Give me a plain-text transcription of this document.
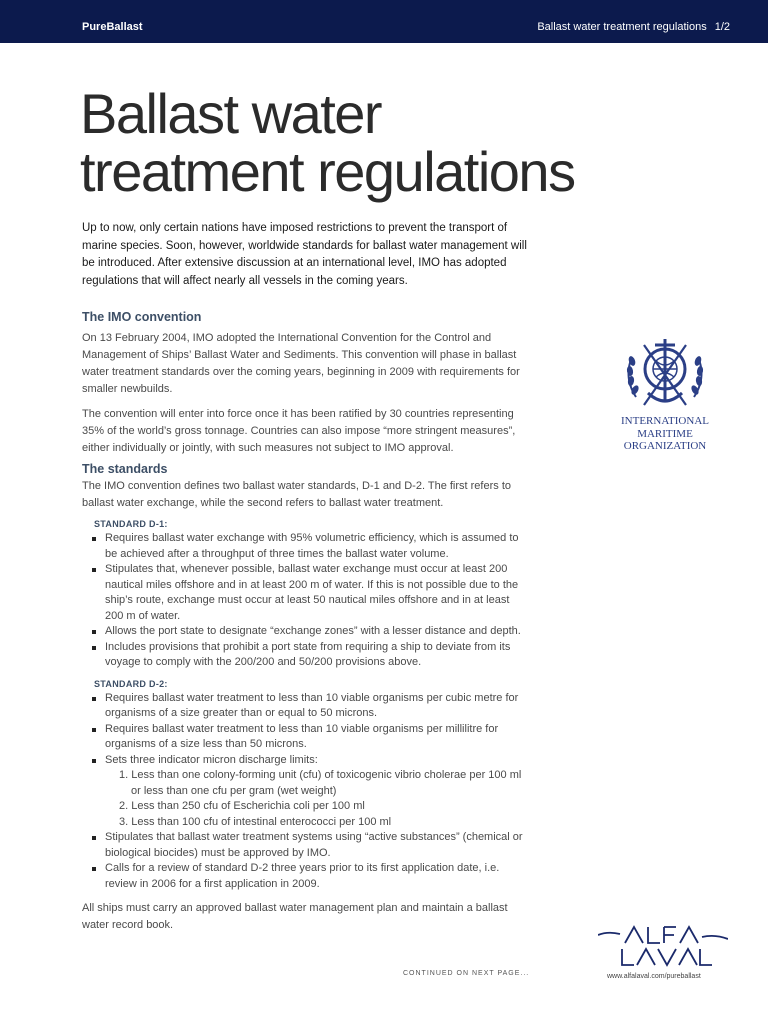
PureBallast	Ballast water treatment regulations 1/2
Ballast water
treatment regulations

Up to now, only certain nations have imposed restrictions to prevent the transport of marine species. Soon, however, worldwide standards for ballast water management will be introduced. After extensive discussion at an international level, IMO has adopted regulations that will affect nearly all vessels in the coming years.

The IMO convention

On 13 February 2004, IMO adopted the International Convention for the Control and Management of Ships’ Ballast Water and Sediments. This convention will phase in ballast water treatment standards over the coming years, beginning in 2009 with requirements for smaller newbuilds.

The convention will enter into force once it has been ratified by 30 countries representing 35% of the world’s gross tonnage. Countries can also impose “more stringent measures”, either individually or jointly, with such measures not subject to IMO approval.

The standards

The IMO convention defines two ballast water standards, D-1 and D-2. The first refers to ballast water exchange, while the second refers to ballast water treatment.

STANDARD D-1:

Requires ballast water exchange with 95% volumetric efficiency, which is assumed to be achieved after a throughput of three times the ballast water volume.
Stipulates that, whenever possible, ballast water exchange must occur at least 200 nautical miles offshore and in at least 200 m of water. If this is not possible due to the ship’s route, exchange must occur at least 50 nautical miles offshore and in at least 200 m of water.
Allows the port state to designate “exchange zones” with a lesser distance and depth.
Includes provisions that prohibit a port state from requiring a ship to deviate from its voyage to comply with the 200/200 and 50/200 provisions above.

STANDARD D-2:

Requires ballast water treatment to less than 10 viable organisms per cubic metre for organisms of a size greater than or equal to 50 microns.
Requires ballast water treatment to less than 10 viable organisms per millilitre for organisms of a size less than 50 microns.
Sets three indicator micron discharge limits:
1. Less than one colony-forming unit (cfu) of toxicogenic vibrio cholerae per 100 ml or less than one cfu per gram (wet weight)
2. Less than 250 cfu of Escherichia coli per 100 ml
3. Less than 100 cfu of intestinal enterococci per 100 ml
Stipulates that ballast water treatment systems using “active substances” (chemical or biological biocides) must be approved by IMO.
Calls for a review of standard D-2 three years prior to its first application date, i.e. review in 2006 for a first application in 2009.

All ships must carry an approved ballast water management plan and maintain a ballast water record book.

CONTINUED ON NEXT PAGE...
INTERNATIONAL
MARITIME
ORGANIZATION
www.alfalaval.com/pureballast
